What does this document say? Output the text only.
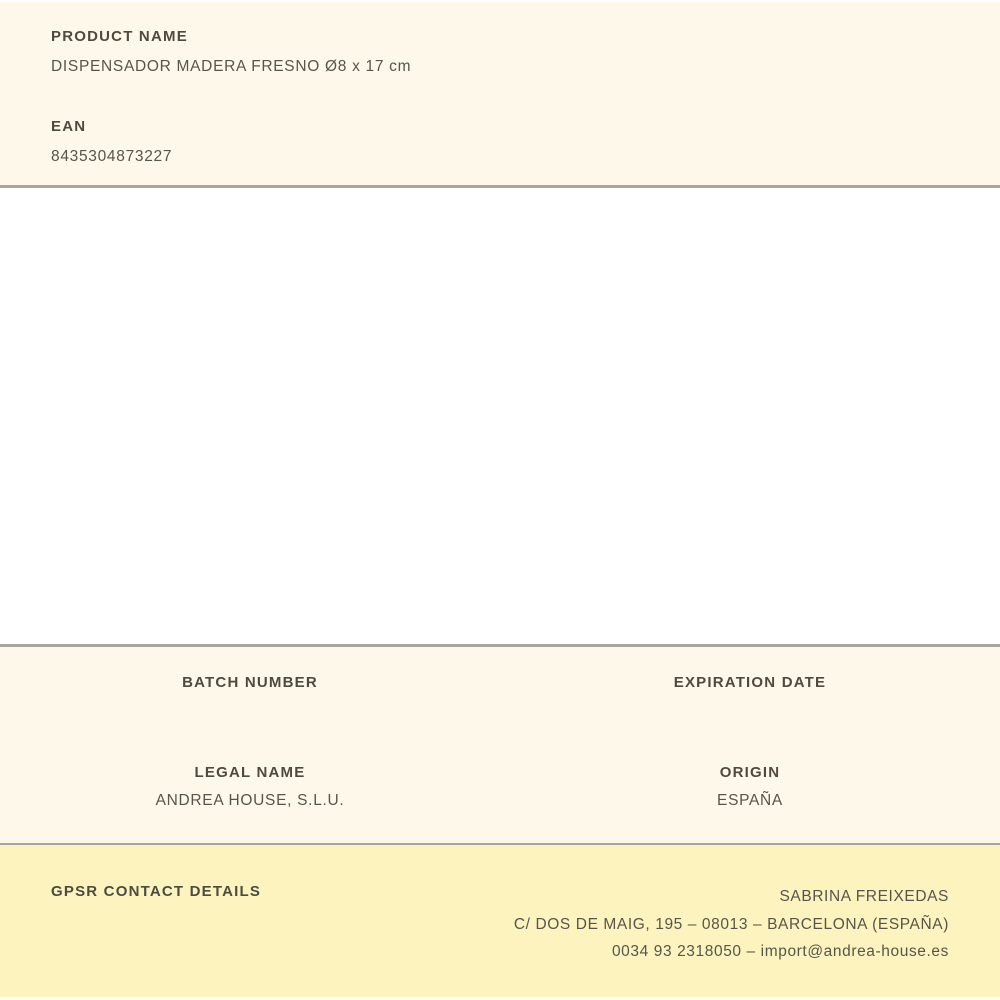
PRODUCT NAME
DISPENSADOR MADERA FRESNO Ø8 x 17 cm
EAN
8435304873227
BATCH NUMBER	EXPIRATION DATE
LEGAL NAME
ANDREA HOUSE, S.L.U.
ORIGIN
ESPAÑA
GPSR CONTACT DETAILS	SABRINA FREIXEDAS
C/ DOS DE MAIG, 195 – 08013 – BARCELONA (ESPAÑA)
0034 93 2318050 – import@andrea-house.es
